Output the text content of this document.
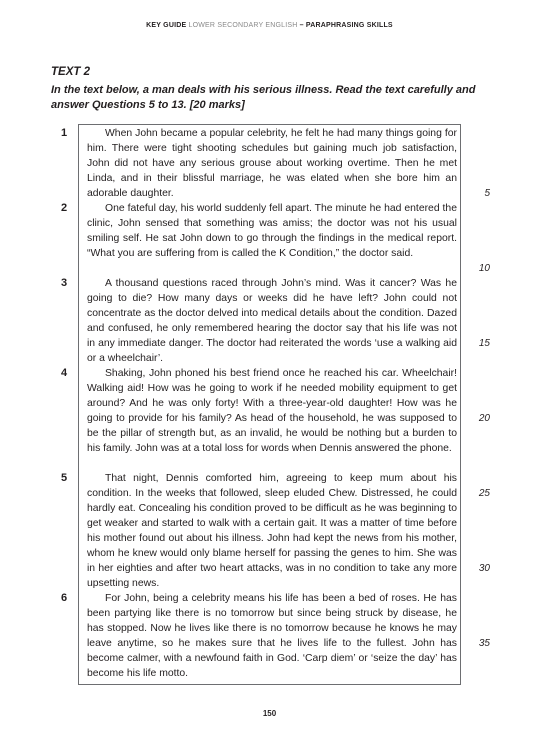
KEY GUIDE LOWER SECONDARY ENGLISH – PARAPHRASING SKILLS
TEXT 2
In the text below, a man deals with his serious illness. Read the text carefully and answer Questions 5 to 13. [20 marks]
1
2
3
4
5
6
When John became a popular celebrity, he felt he had many things going for him. There were tight shooting schedules but gaining much job satisfaction, John did not have any serious grouse about working overtime. Then he met Linda, and in their blissful marriage, he was elated when she bore him an adorable daughter.
One fateful day, his world suddenly fell apart. The minute he had entered the clinic, John sensed that something was amiss; the doctor was not his usual smiling self. He sat John down to go through the findings in the medical report. “What you are suffering from is called the K Condition,” the doctor said.
A thousand questions raced through John’s mind. Was it cancer? Was he going to die? How many days or weeks did he have left? John could not concentrate as the doctor delved into medical details about the condition. Dazed and confused, he only remembered hearing the doctor say that his life was not in any immediate danger. The doctor had reiterated the words ‘use a walking aid or a wheelchair’.
Shaking, John phoned his best friend once he reached his car. Wheelchair! Walking aid! How was he going to work if he needed mobility equipment to get around? And he was only forty! With a three-year-old daughter! How was he going to provide for his family? As head of the household, he was supposed to be the pillar of strength but, as an invalid, he would be nothing but a burden to his family. John was at a total loss for words when Dennis answered the phone.
That night, Dennis comforted him, agreeing to keep mum about his condition. In the weeks that followed, sleep eluded Chew. Distressed, he could hardly eat. Concealing his condition proved to be difficult as he was beginning to get weaker and started to walk with a certain gait. It was a matter of time before his mother found out about his illness. John had kept the news from his mother, whom he knew would only blame herself for passing the genes to him. She was in her eighties and after two heart attacks, was in no condition to take any more upsetting news.
For John, being a celebrity means his life has been a bed of roses. He has been partying like there is no tomorrow but since being struck by disease, he has stopped. Now he lives like there is no tomorrow because he knows he may leave anytime, so he makes sure that he lives life to the fullest. John has become calmer, with a newfound faith in God. ‘Carp diem’ or ‘seize the day’ has become his life motto.
5
10
15
20
25
30
35
150
